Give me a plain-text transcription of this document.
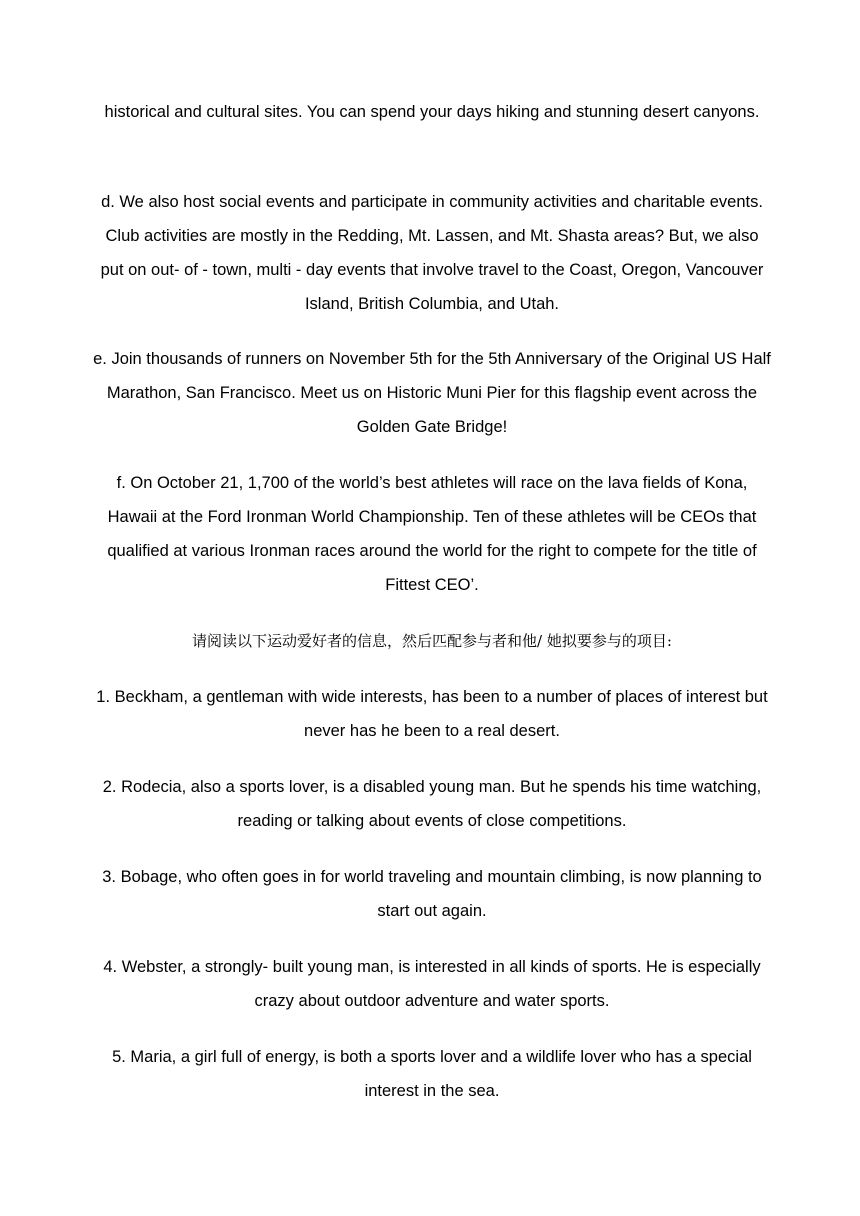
historical and cultural sites. You can spend your days hiking and stunning desert canyons.

d. We also host social events and participate in community activities and charitable events. Club activities are mostly in the Redding, Mt. Lassen, and Mt. Shasta areas? But, we also put on out- of - town, multi - day events that involve travel to the Coast, Oregon, Vancouver Island, British Columbia, and Utah.

e. Join thousands of runners on November 5th for the 5th Anniversary of the Original US Half Marathon, San Francisco. Meet us on Historic Muni Pier for this flagship event across the Golden Gate Bridge!

f. On October 21, 1,700 of the world’s best athletes will race on the lava fields of Kona, Hawaii at the Ford Ironman World Championship. Ten of these athletes will be CEOs that qualified at various Ironman races around the world for the right to compete for the title of Fittest CEO’.

请阅读以下运动爱好者的信息，然后匹配参与者和他/ 她拟要参与的项目:

1. Beckham, a gentleman with wide interests, has been to a number of places of interest but never has he been to a real desert.

2. Rodecia, also a sports lover, is a disabled young man. But he spends his time watching, reading or talking about events of close competitions.

3. Bobage, who often goes in for world traveling and mountain climbing, is now planning to start out again.

4. Webster, a strongly- built young man, is interested in all kinds of sports. He is especially crazy about outdoor adventure and water sports.

5. Maria, a girl full of energy, is both a sports lover and a wildlife lover who has a special interest in the sea.
